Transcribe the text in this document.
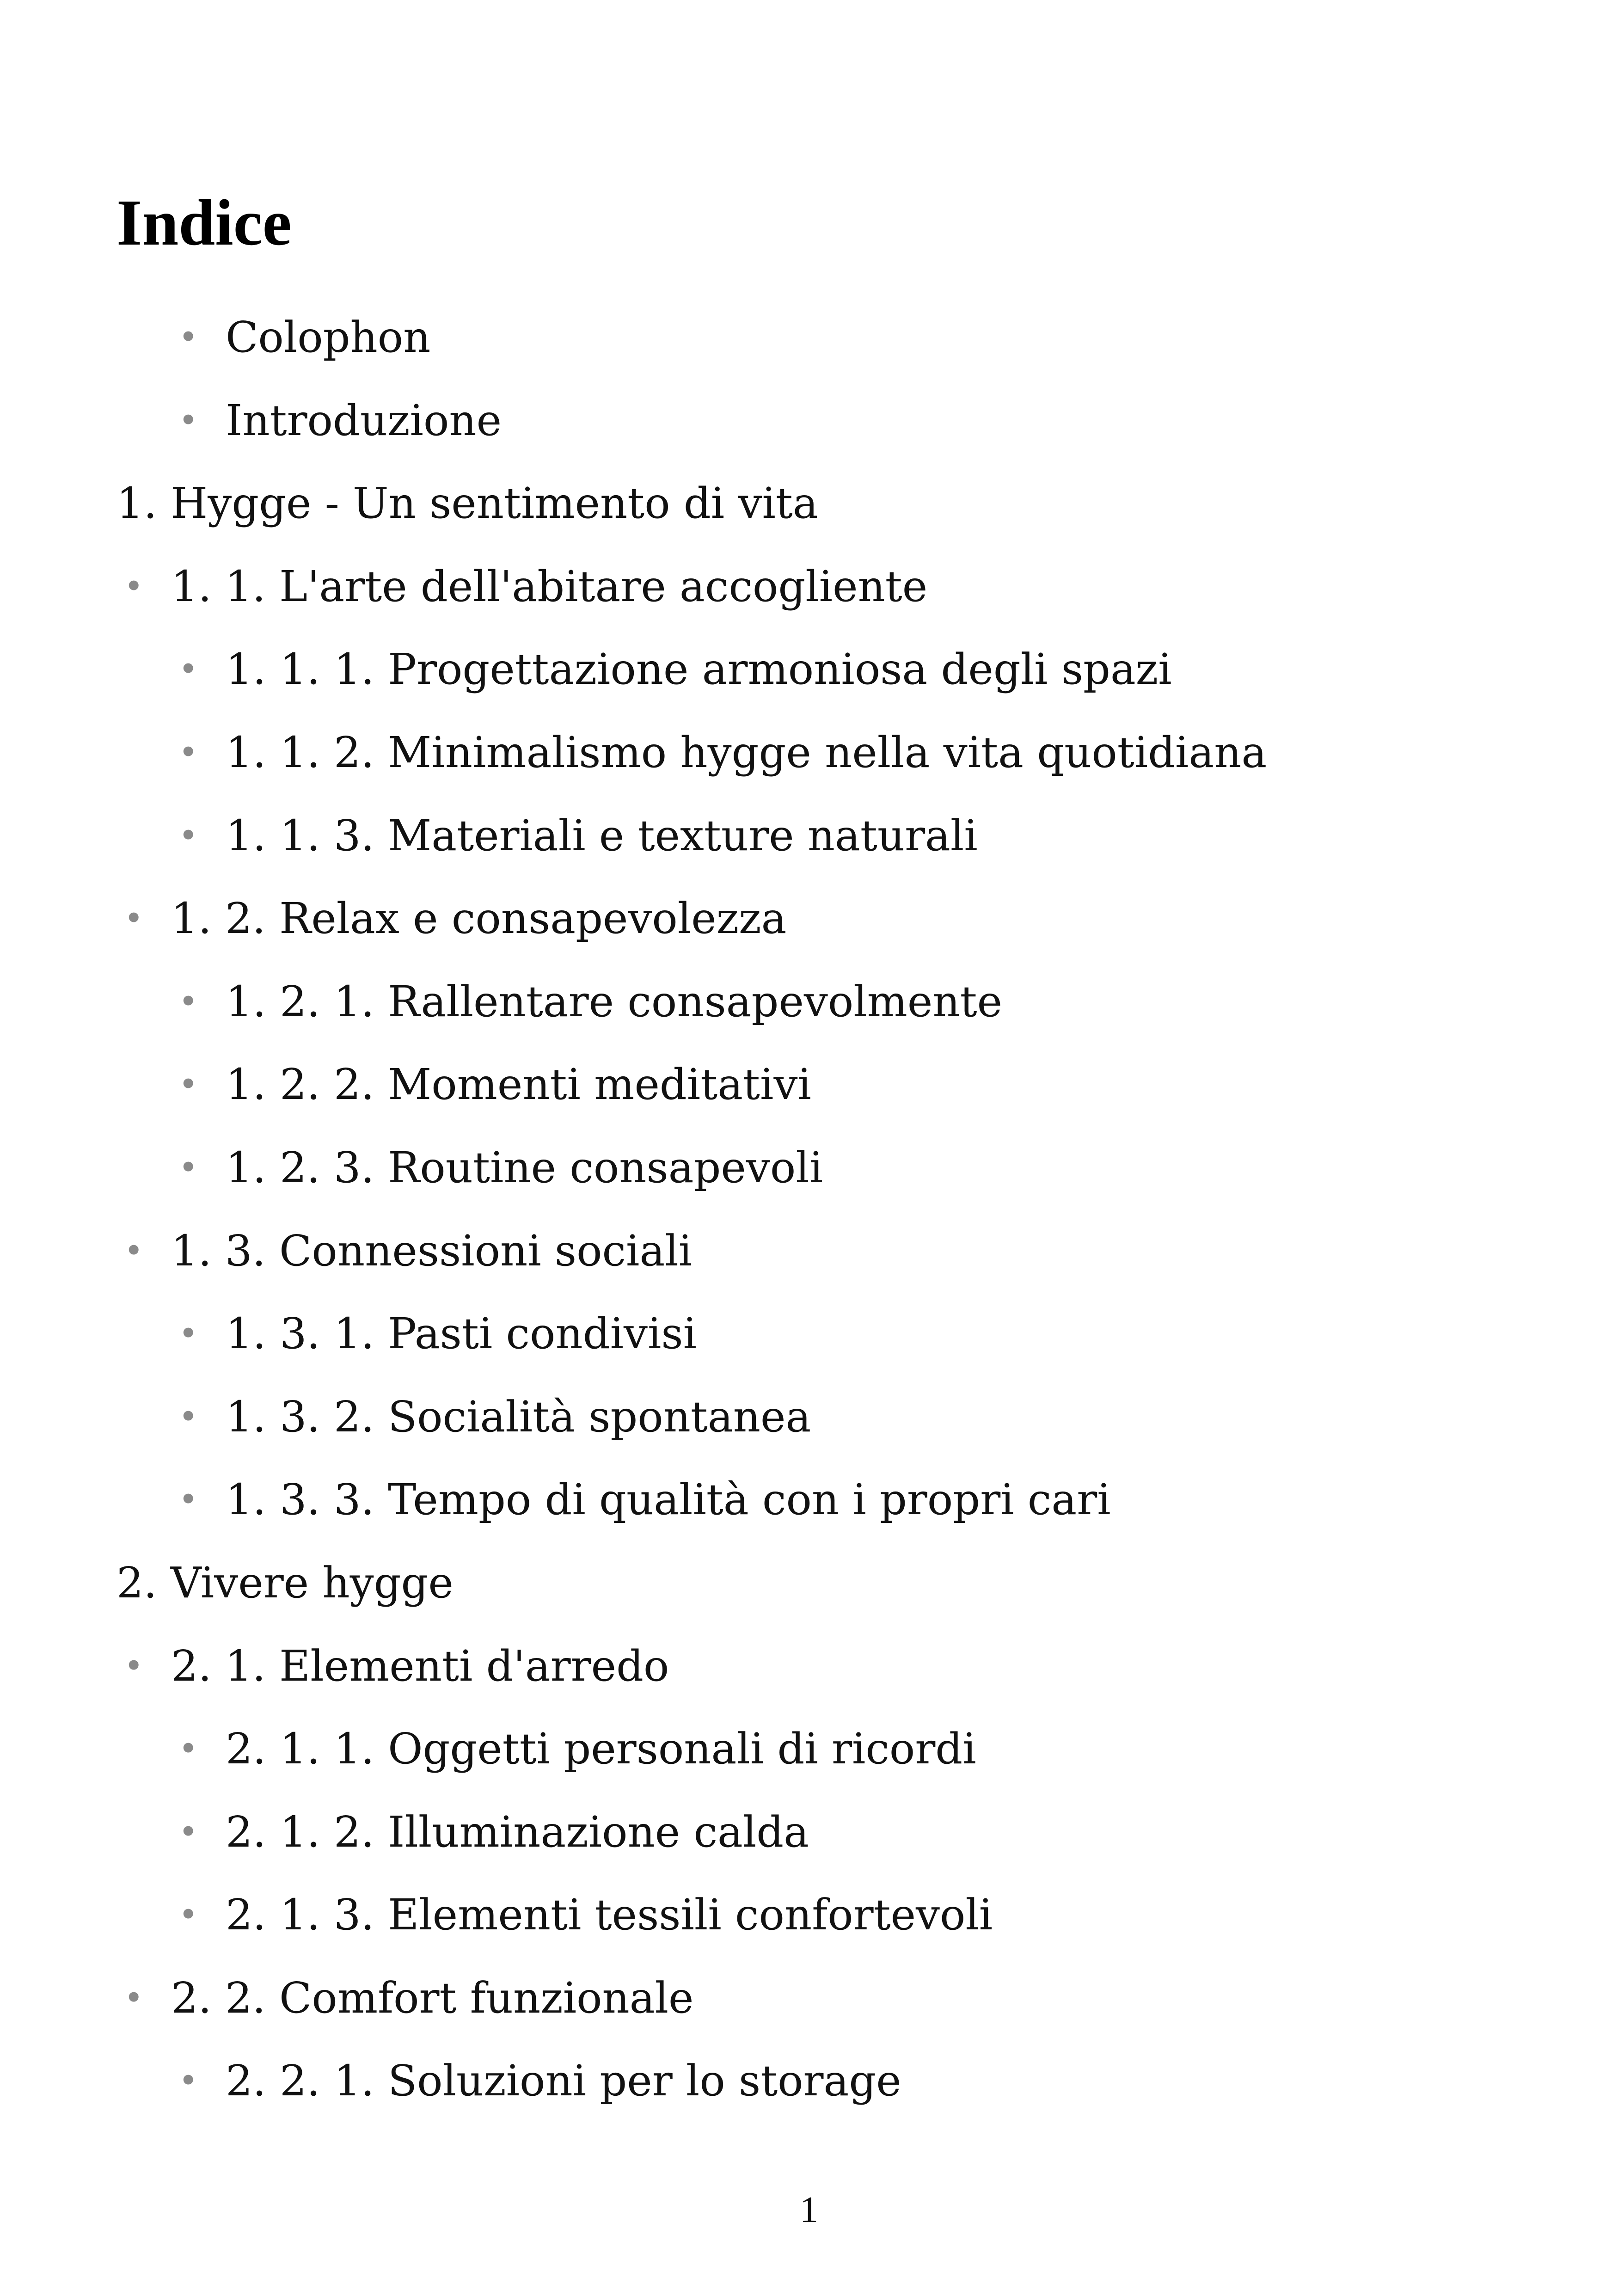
Indice
• Colophon
• Introduzione
1. Hygge - Un sentimento di vita
• 1. 1. L'arte dell'abitare accogliente
• 1. 1. 1. Progettazione armoniosa degli spazi
• 1. 1. 2. Minimalismo hygge nella vita quotidiana
• 1. 1. 3. Materiali e texture naturali
• 1. 2. Relax e consapevolezza
• 1. 2. 1. Rallentare consapevolmente
• 1. 2. 2. Momenti meditativi
• 1. 2. 3. Routine consapevoli
• 1. 3. Connessioni sociali
• 1. 3. 1. Pasti condivisi
• 1. 3. 2. Socialità spontanea
• 1. 3. 3. Tempo di qualità con i propri cari
2. Vivere hygge
• 2. 1. Elementi d'arredo
• 2. 1. 1. Oggetti personali di ricordi
• 2. 1. 2. Illuminazione calda
• 2. 1. 3. Elementi tessili confortevoli
• 2. 2. Comfort funzionale
• 2. 2. 1. Soluzioni per lo storage
1
